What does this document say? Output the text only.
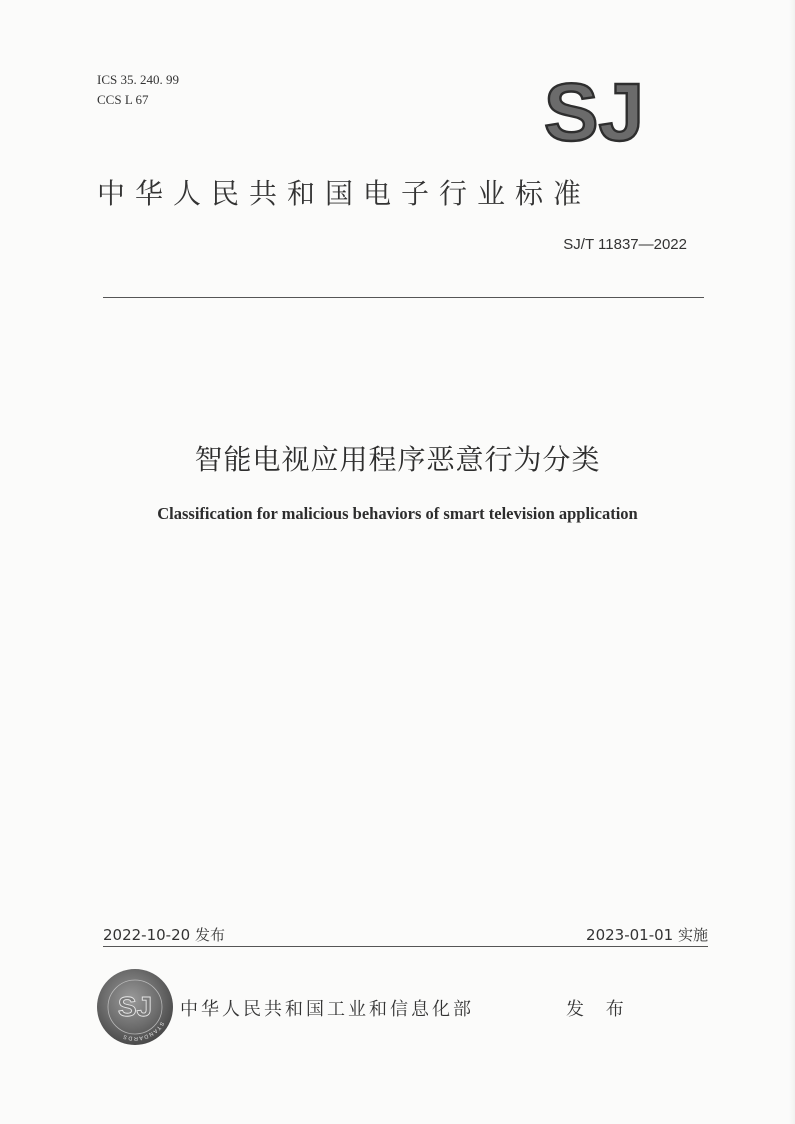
ICS 35. 240. 99
CCS L 67	SJ
中华人民共和国电子行业标准
SJ/T 11837—2022
智能电视应用程序恶意行为分类
Classification for malicious behaviors of smart television application
2022-10-20 发布	2023-01-01 实施
STANDARDS
SJ 中华人民共和国工业和信息化部	发 布
